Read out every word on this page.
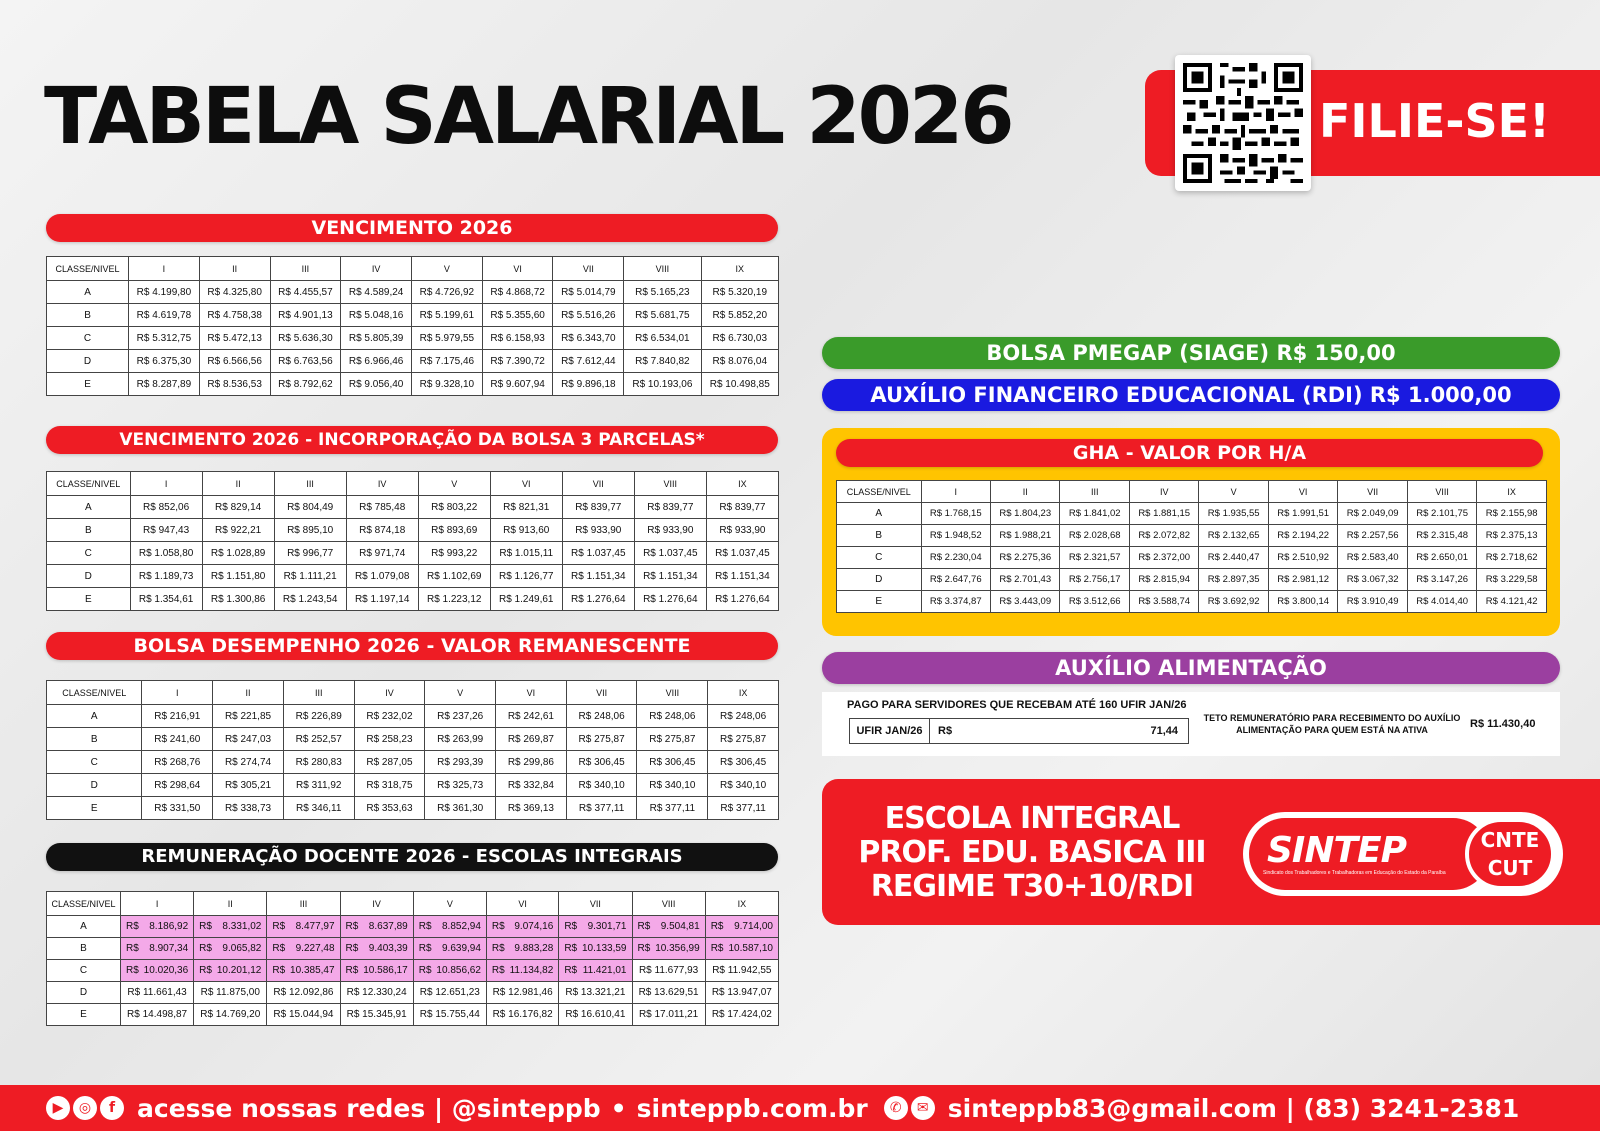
TABELA SALARIAL 2026	FILIE-SE!
VENCIMENTO 2026
CLASSE/NIVEL	I	II	III	IV	V	VI	VII	VIII	IX
A	R$ 4.199,80	R$ 4.325,80	R$ 4.455,57	R$ 4.589,24	R$ 4.726,92	R$ 4.868,72	R$ 5.014,79	R$ 5.165,23	R$ 5.320,19
B	R$ 4.619,78	R$ 4.758,38	R$ 4.901,13	R$ 5.048,16	R$ 5.199,61	R$ 5.355,60	R$ 5.516,26	R$ 5.681,75	R$ 5.852,20
C	R$ 5.312,75	R$ 5.472,13	R$ 5.636,30	R$ 5.805,39	R$ 5.979,55	R$ 6.158,93	R$ 6.343,70	R$ 6.534,01	R$ 6.730,03
D	R$ 6.375,30	R$ 6.566,56	R$ 6.763,56	R$ 6.966,46	R$ 7.175,46	R$ 7.390,72	R$ 7.612,44	R$ 7.840,82	R$ 8.076,04
E	R$ 8.287,89	R$ 8.536,53	R$ 8.792,62	R$ 9.056,40	R$ 9.328,10	R$ 9.607,94	R$ 9.896,18	R$ 10.193,06	R$ 10.498,85
VENCIMENTO 2026 - INCORPORAÇÃO DA BOLSA 3 PARCELAS*
CLASSE/NIVEL	I	II	III	IV	V	VI	VII	VIII	IX
A	R$ 852,06	R$ 829,14	R$ 804,49	R$ 785,48	R$ 803,22	R$ 821,31	R$ 839,77	R$ 839,77	R$ 839,77
B	R$ 947,43	R$ 922,21	R$ 895,10	R$ 874,18	R$ 893,69	R$ 913,60	R$ 933,90	R$ 933,90	R$ 933,90
C	R$ 1.058,80	R$ 1.028,89	R$ 996,77	R$ 971,74	R$ 993,22	R$ 1.015,11	R$ 1.037,45	R$ 1.037,45	R$ 1.037,45
D	R$ 1.189,73	R$ 1.151,80	R$ 1.111,21	R$ 1.079,08	R$ 1.102,69	R$ 1.126,77	R$ 1.151,34	R$ 1.151,34	R$ 1.151,34
E	R$ 1.354,61	R$ 1.300,86	R$ 1.243,54	R$ 1.197,14	R$ 1.223,12	R$ 1.249,61	R$ 1.276,64	R$ 1.276,64	R$ 1.276,64
BOLSA DESEMPENHO 2026 - VALOR REMANESCENTE
CLASSE/NIVEL	I	II	III	IV	V	VI	VII	VIII	IX
A	R$ 216,91	R$ 221,85	R$ 226,89	R$ 232,02	R$ 237,26	R$ 242,61	R$ 248,06	R$ 248,06	R$ 248,06
B	R$ 241,60	R$ 247,03	R$ 252,57	R$ 258,23	R$ 263,99	R$ 269,87	R$ 275,87	R$ 275,87	R$ 275,87
C	R$ 268,76	R$ 274,74	R$ 280,83	R$ 287,05	R$ 293,39	R$ 299,86	R$ 306,45	R$ 306,45	R$ 306,45
D	R$ 298,64	R$ 305,21	R$ 311,92	R$ 318,75	R$ 325,73	R$ 332,84	R$ 340,10	R$ 340,10	R$ 340,10
E	R$ 331,50	R$ 338,73	R$ 346,11	R$ 353,63	R$ 361,30	R$ 369,13	R$ 377,11	R$ 377,11	R$ 377,11
REMUNERAÇÃO DOCENTE 2026 - ESCOLAS INTEGRAIS
CLASSE/NIVEL	I	II	III	IV	V	VI	VII	VIII	IX
A	R$ 8.186,92	R$ 8.331,02	R$ 8.477,97	R$ 8.637,89	R$ 8.852,94	R$ 9.074,16	R$ 9.301,71	R$ 9.504,81	R$ 9.714,00

B	R$ 8.907,34	R$ 9.065,82	R$ 9.227,48	R$ 9.403,39	R$ 9.639,94	R$ 9.883,28	R$ 10.133,59	R$ 10.356,99	R$ 10.587,10

C	R$ 10.020,36	R$ 10.201,12	R$ 10.385,47	R$ 10.586,17	R$ 10.856,62	R$ 11.134,82	R$ 11.421,01	R$ 11.677,93	R$ 11.942,55
D	R$ 11.661,43	R$ 11.875,00	R$ 12.092,86	R$ 12.330,24	R$ 12.651,23	R$ 12.981,46	R$ 13.321,21	R$ 13.629,51	R$ 13.947,07
E	R$ 14.498,87	R$ 14.769,20	R$ 15.044,94	R$ 15.345,91	R$ 15.755,44	R$ 16.176,82	R$ 16.610,41	R$ 17.011,21	R$ 17.424,02
BOLSA PMEGAP (SIAGE) R$ 150,00
AUXÍLIO FINANCEIRO EDUCACIONAL (RDI) R$ 1.000,00
GHA - VALOR POR H/A
CLASSE/NIVEL	I	II	III	IV	V	VI	VII	VIII	IX
A	R$ 1.768,15	R$ 1.804,23	R$ 1.841,02	R$ 1.881,15	R$ 1.935,55	R$ 1.991,51	R$ 2.049,09	R$ 2.101,75	R$ 2.155,98
B	R$ 1.948,52	R$ 1.988,21	R$ 2.028,68	R$ 2.072,82	R$ 2.132,65	R$ 2.194,22	R$ 2.257,56	R$ 2.315,48	R$ 2.375,13
C	R$ 2.230,04	R$ 2.275,36	R$ 2.321,57	R$ 2.372,00	R$ 2.440,47	R$ 2.510,92	R$ 2.583,40	R$ 2.650,01	R$ 2.718,62
D	R$ 2.647,76	R$ 2.701,43	R$ 2.756,17	R$ 2.815,94	R$ 2.897,35	R$ 2.981,12	R$ 3.067,32	R$ 3.147,26	R$ 3.229,58
E	R$ 3.374,87	R$ 3.443,09	R$ 3.512,66	R$ 3.588,74	R$ 3.692,92	R$ 3.800,14	R$ 3.910,49	R$ 4.014,40	R$ 4.121,42
AUXÍLIO ALIMENTAÇÃO
PAGO PARA SERVIDORES QUE RECEBAM ATÉ 160 UFIR JAN/26
UFIR JAN/26	R$	71,44
TETO REMUNERATÓRIO PARA RECEBIMENTO DO AUXÍLIO ALIMENTAÇÃO PARA QUEM ESTÁ NA ATIVA	R$ 11.430,40
ESCOLA INTEGRAL
PROF. EDU. BASICA III
REGIME T30+10/RDI
SINTEP
Sindicato dos Trabalhadores e Trabalhadoras em Educação do Estado da Paraíba
CNTE
CUT
▶	◎	f acesse nossas redes | @sinteppb • sinteppb.com.br	✆	✉ sinteppb83@gmail.com | (83) 3241-2381
